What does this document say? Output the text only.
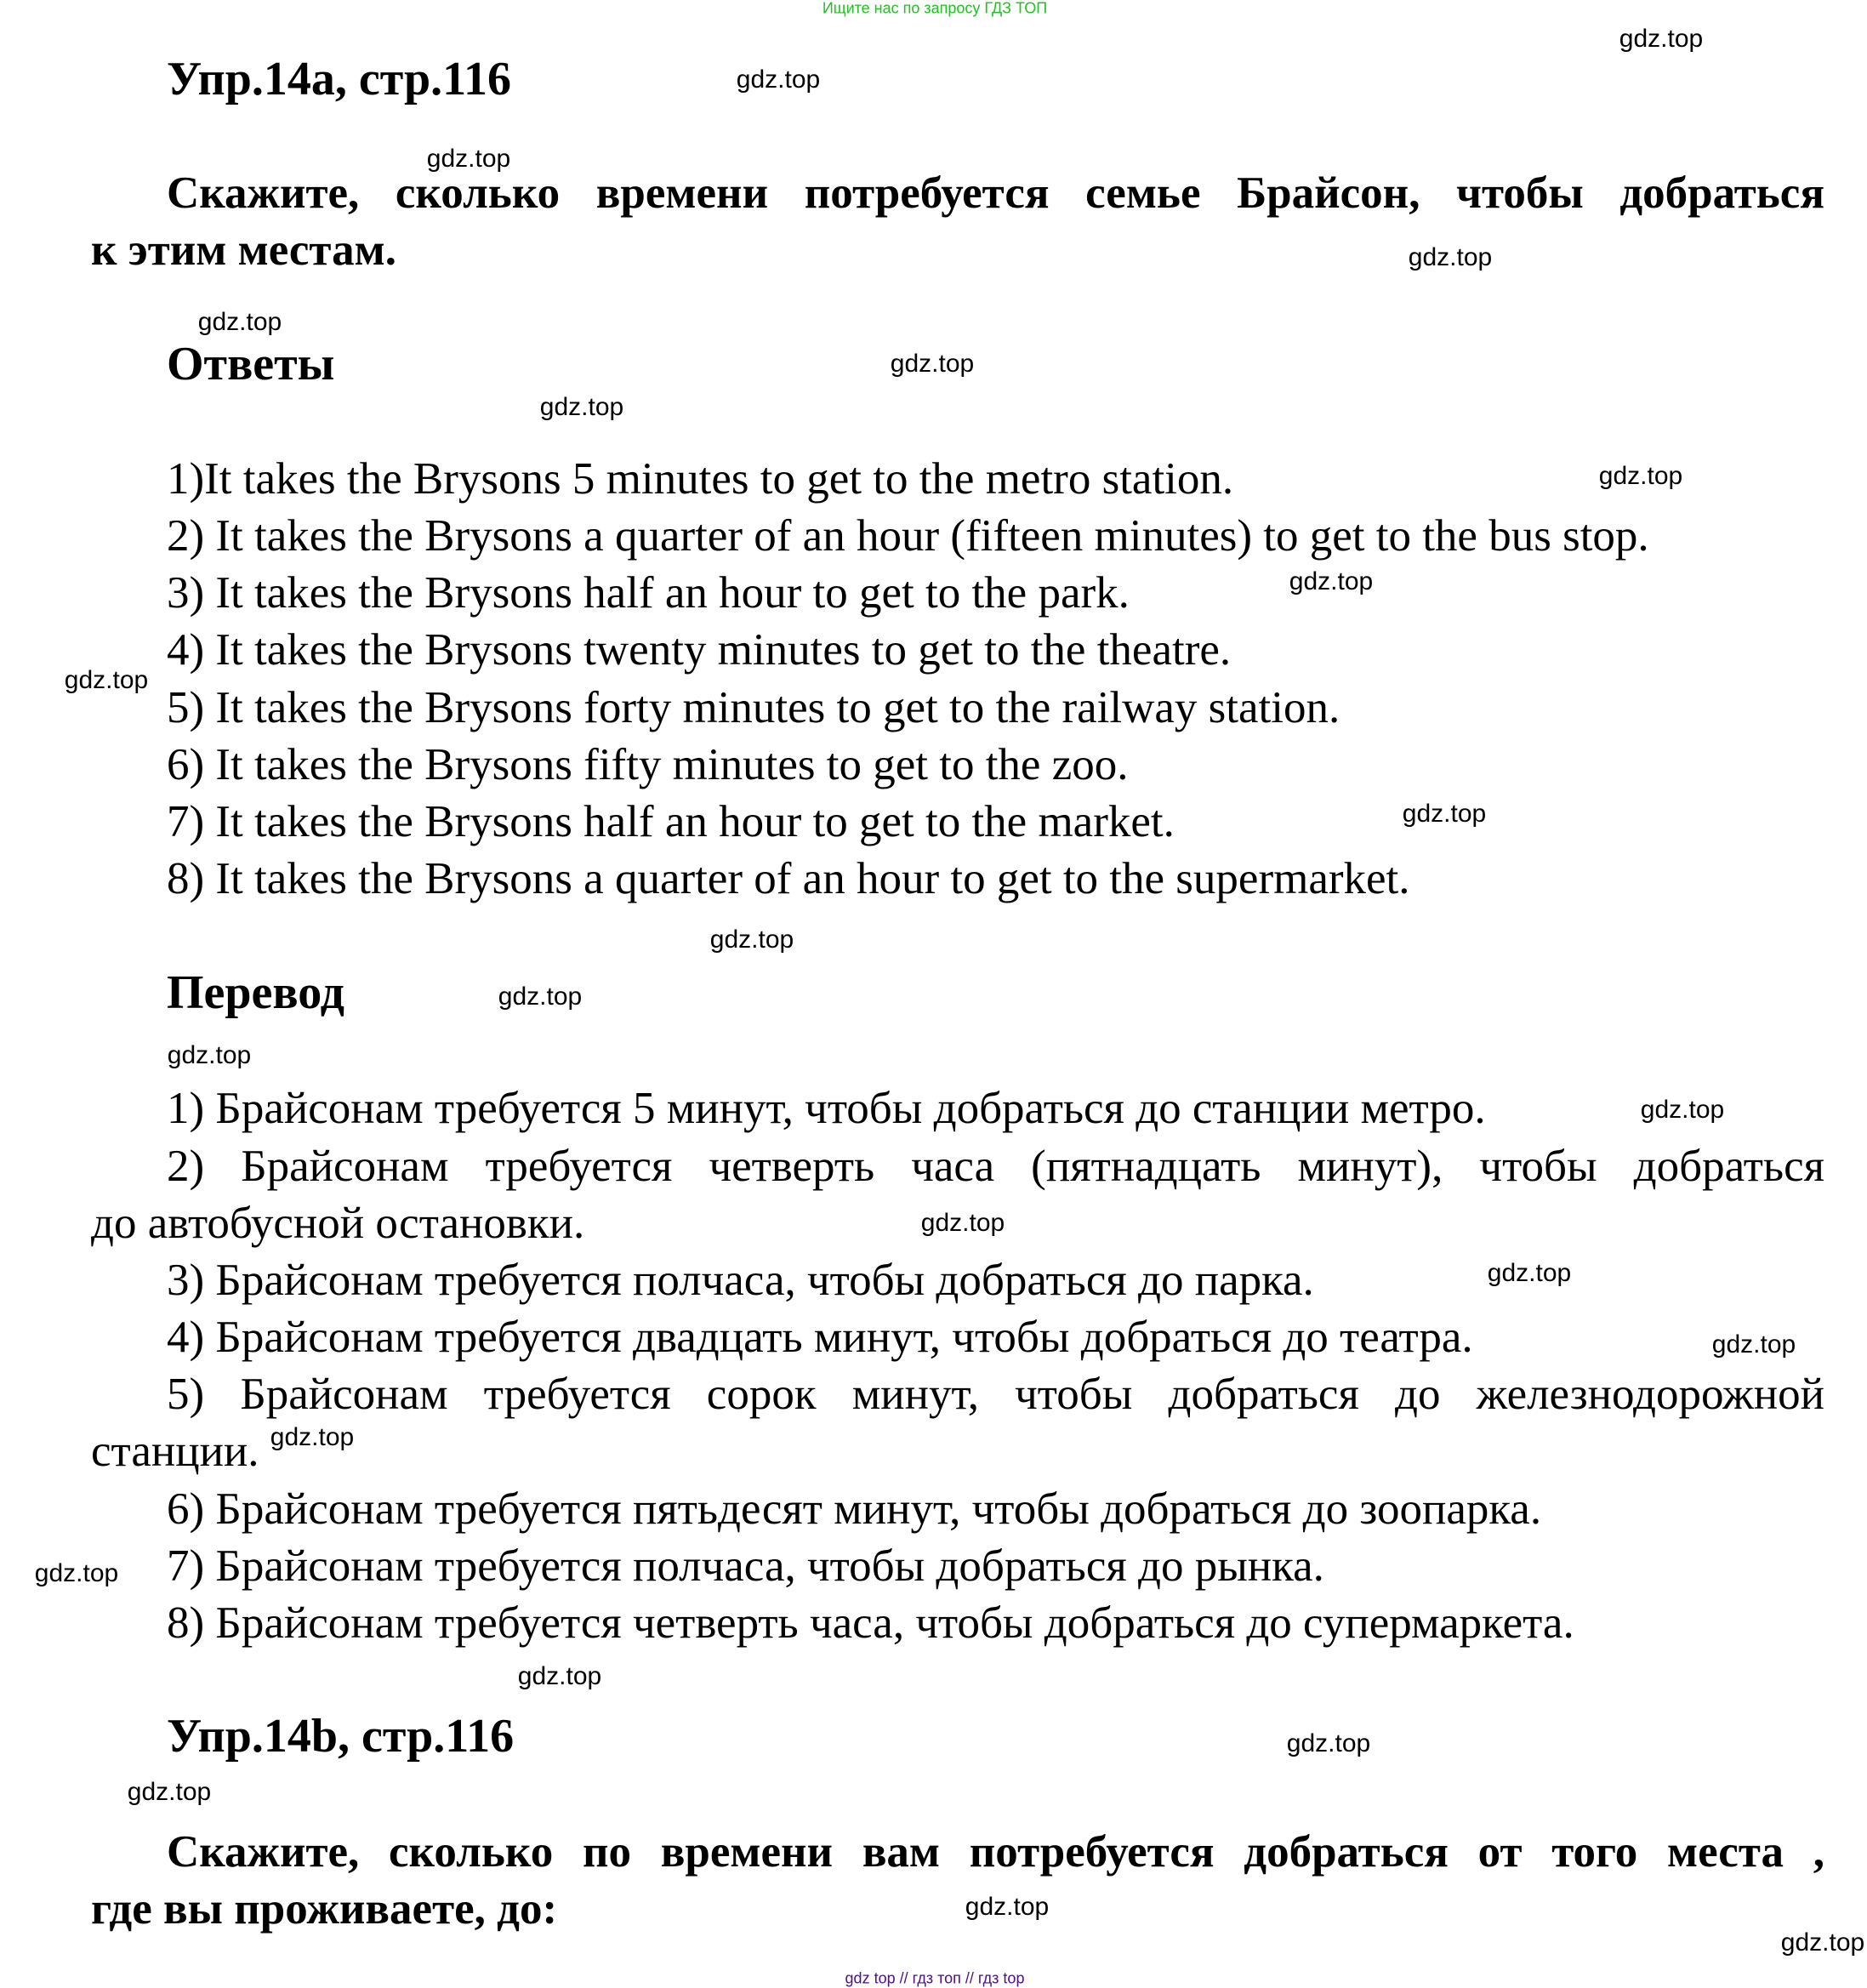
Ищите нас по запросу ГДЗ ТОП
Упр.14a, стр.116
Скажите, сколько времени потребуется семье Брайсон, чтобы добраться
к этим местам.
Ответы
1)It takes the Brysons 5 minutes to get to the metro station.
2) It takes the Brysons a quarter of an hour (fifteen minutes) to get to the bus stop.
3) It takes the Brysons half an hour to get to the park.
4) It takes the Brysons twenty minutes to get to the theatre.
5) It takes the Brysons forty minutes to get to the railway station.
6) It takes the Brysons fifty minutes to get to the zoo.
7) It takes the Brysons half an hour to get to the market.
8) It takes the Brysons a quarter of an hour to get to the supermarket.
Перевод
1) Брайсонам требуется 5 минут, чтобы добраться до станции метро.
2) Брайсонам требуется четверть часа (пятнадцать минут), чтобы добраться
до автобусной остановки.
3) Брайсонам требуется полчаса, чтобы добраться до парка.
4) Брайсонам требуется двадцать минут, чтобы добраться до театра.
5) Брайсонам требуется сорок минут, чтобы добраться до железнодорожной
станции.
6) Брайсонам требуется пятьдесят минут, чтобы добраться до зоопарка.
7) Брайсонам требуется полчаса, чтобы добраться до рынка.
8) Брайсонам требуется четверть часа, чтобы добраться до супермаркета.
Упр.14b, стр.116
Скажите, сколько по времени вам потребуется добраться от того места ,
где вы проживаете, до:
gdz.top
gdz.top
gdz.top
gdz.top
gdz.top
gdz.top
gdz.top
gdz.top
gdz.top
gdz.top
gdz.top
gdz.top
gdz.top
gdz.top
gdz.top
gdz.top
gdz.top
gdz.top
gdz.top
gdz.top
gdz.top
gdz.top
gdz.top
gdz.top
gdz.top
gdz top // гдз топ // гдз top
